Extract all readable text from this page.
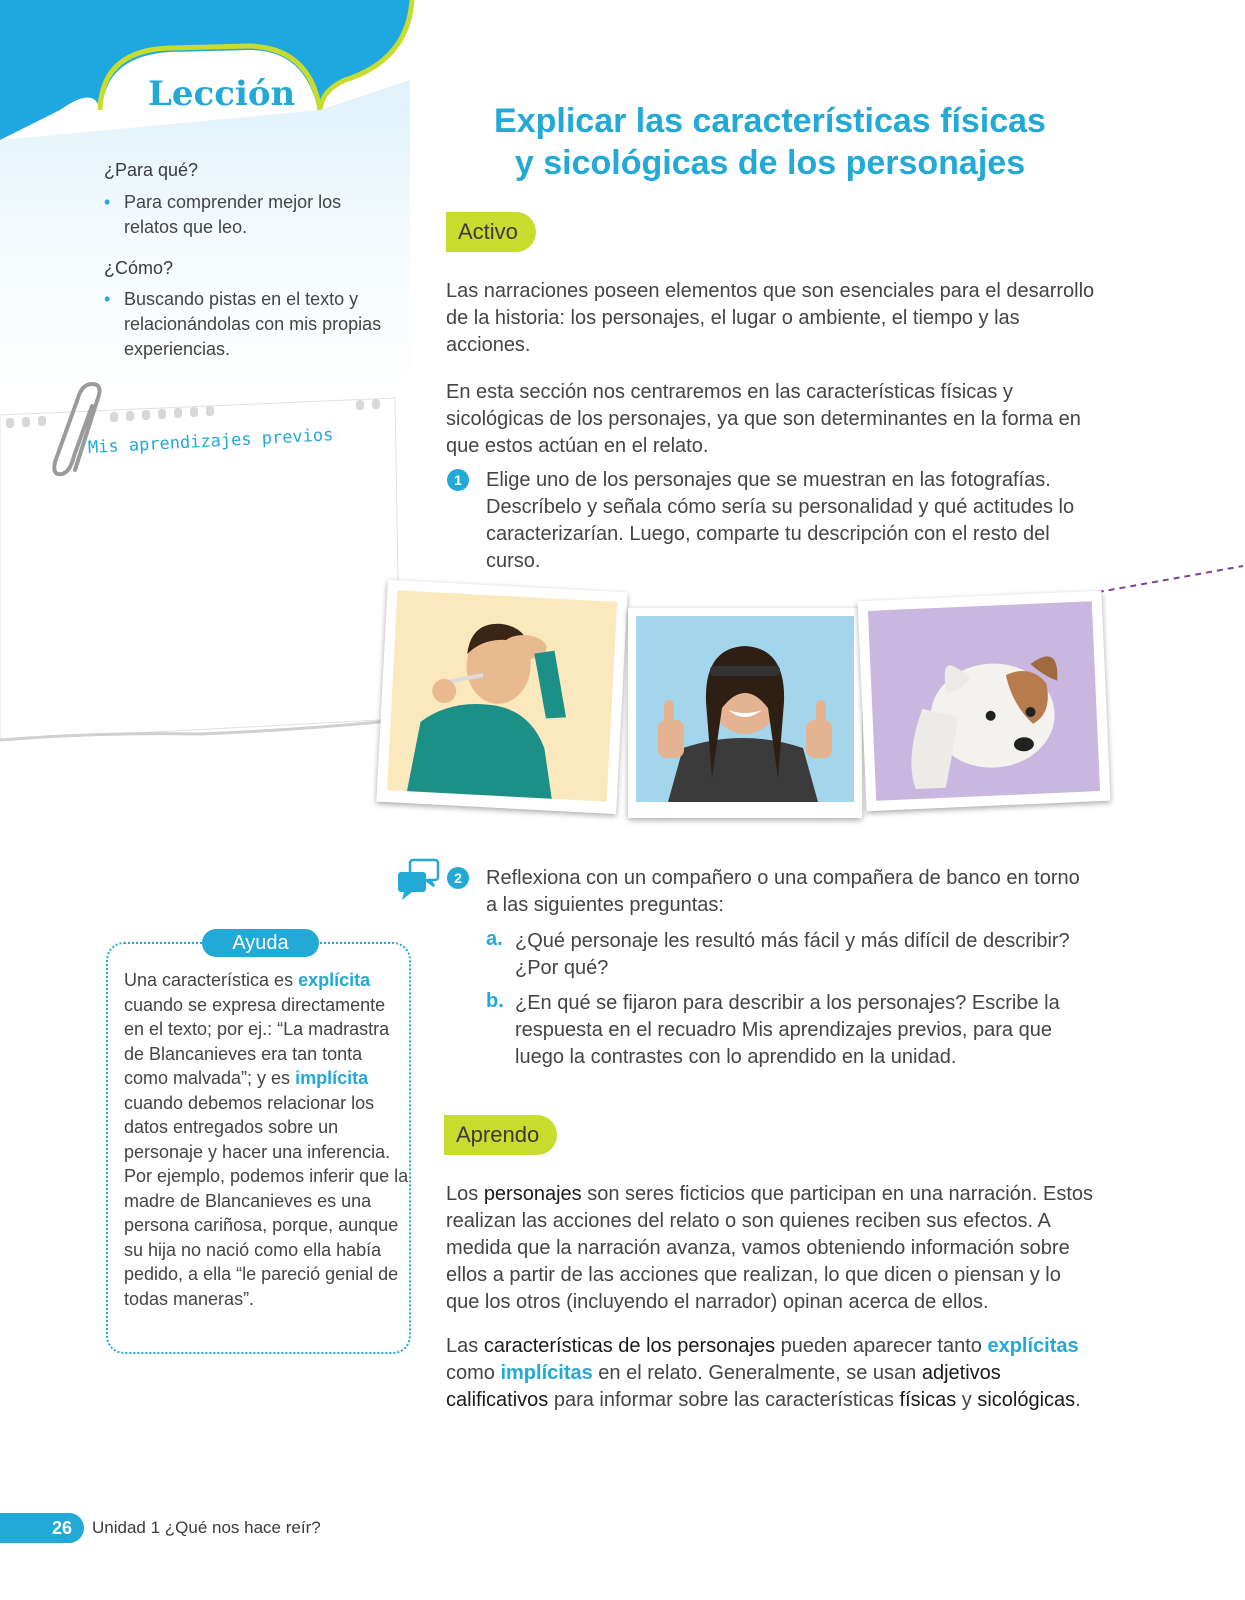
Lección
¿Para qué?
• Para comprender mejor los relatos que leo.
¿Cómo?
• Buscando pistas en el texto y relacionándolas con mis propias experiencias.
Mis aprendizajes previos
Explicar las características físicas
y sicológicas de los personajes
Activo
Las narraciones poseen elementos que son esenciales para el desarrollo de la historia: los personajes, el lugar o ambiente, el tiempo y las acciones.
En esta sección nos centraremos en las características físicas y sicológicas de los personajes, ya que son determinantes en la forma en que estos actúan en el relato.
1	Elige uno de los personajes que se muestran en las fotografías. Descríbelo y señala cómo sería su personalidad y qué actitudes lo caracterizarían. Luego, comparte tu descripción con el resto del curso.
2	Reflexiona con un compañero o una compañera de banco en torno a las siguientes preguntas:
a. ¿Qué personaje les resultó más fácil y más difícil de describir? ¿Por qué?
b. ¿En qué se fijaron para describir a los personajes? Escribe la respuesta en el recuadro Mis aprendizajes previos, para que luego la contrastes con lo aprendido en la unidad.
Ayuda
Una característica es explícita cuando se expresa directamente en el texto; por ej.: “La madrastra de Blancanieves era tan tonta como malvada”; y es implícita cuando debemos relacionar los datos entregados sobre un personaje y hacer una inferencia. Por ejemplo, podemos inferir que la madre de Blancanieves es una persona cariñosa, porque, aunque su hija no nació como ella había pedido, a ella “le pareció genial de todas maneras”.
Aprendo
Los personajes son seres ficticios que participan en una narración. Estos realizan las acciones del relato o son quienes reciben sus efectos. A medida que la narración avanza, vamos obteniendo información sobre ellos a partir de las acciones que realizan, lo que dicen o piensan y lo que los otros (incluyendo el narrador) opinan acerca de ellos.
Las características de los personajes pueden aparecer tanto explícitas como implícitas en el relato. Generalmente, se usan adjetivos calificativos para informar sobre las características físicas y sicológicas.
26	Unidad 1 ¿Qué nos hace reír?
